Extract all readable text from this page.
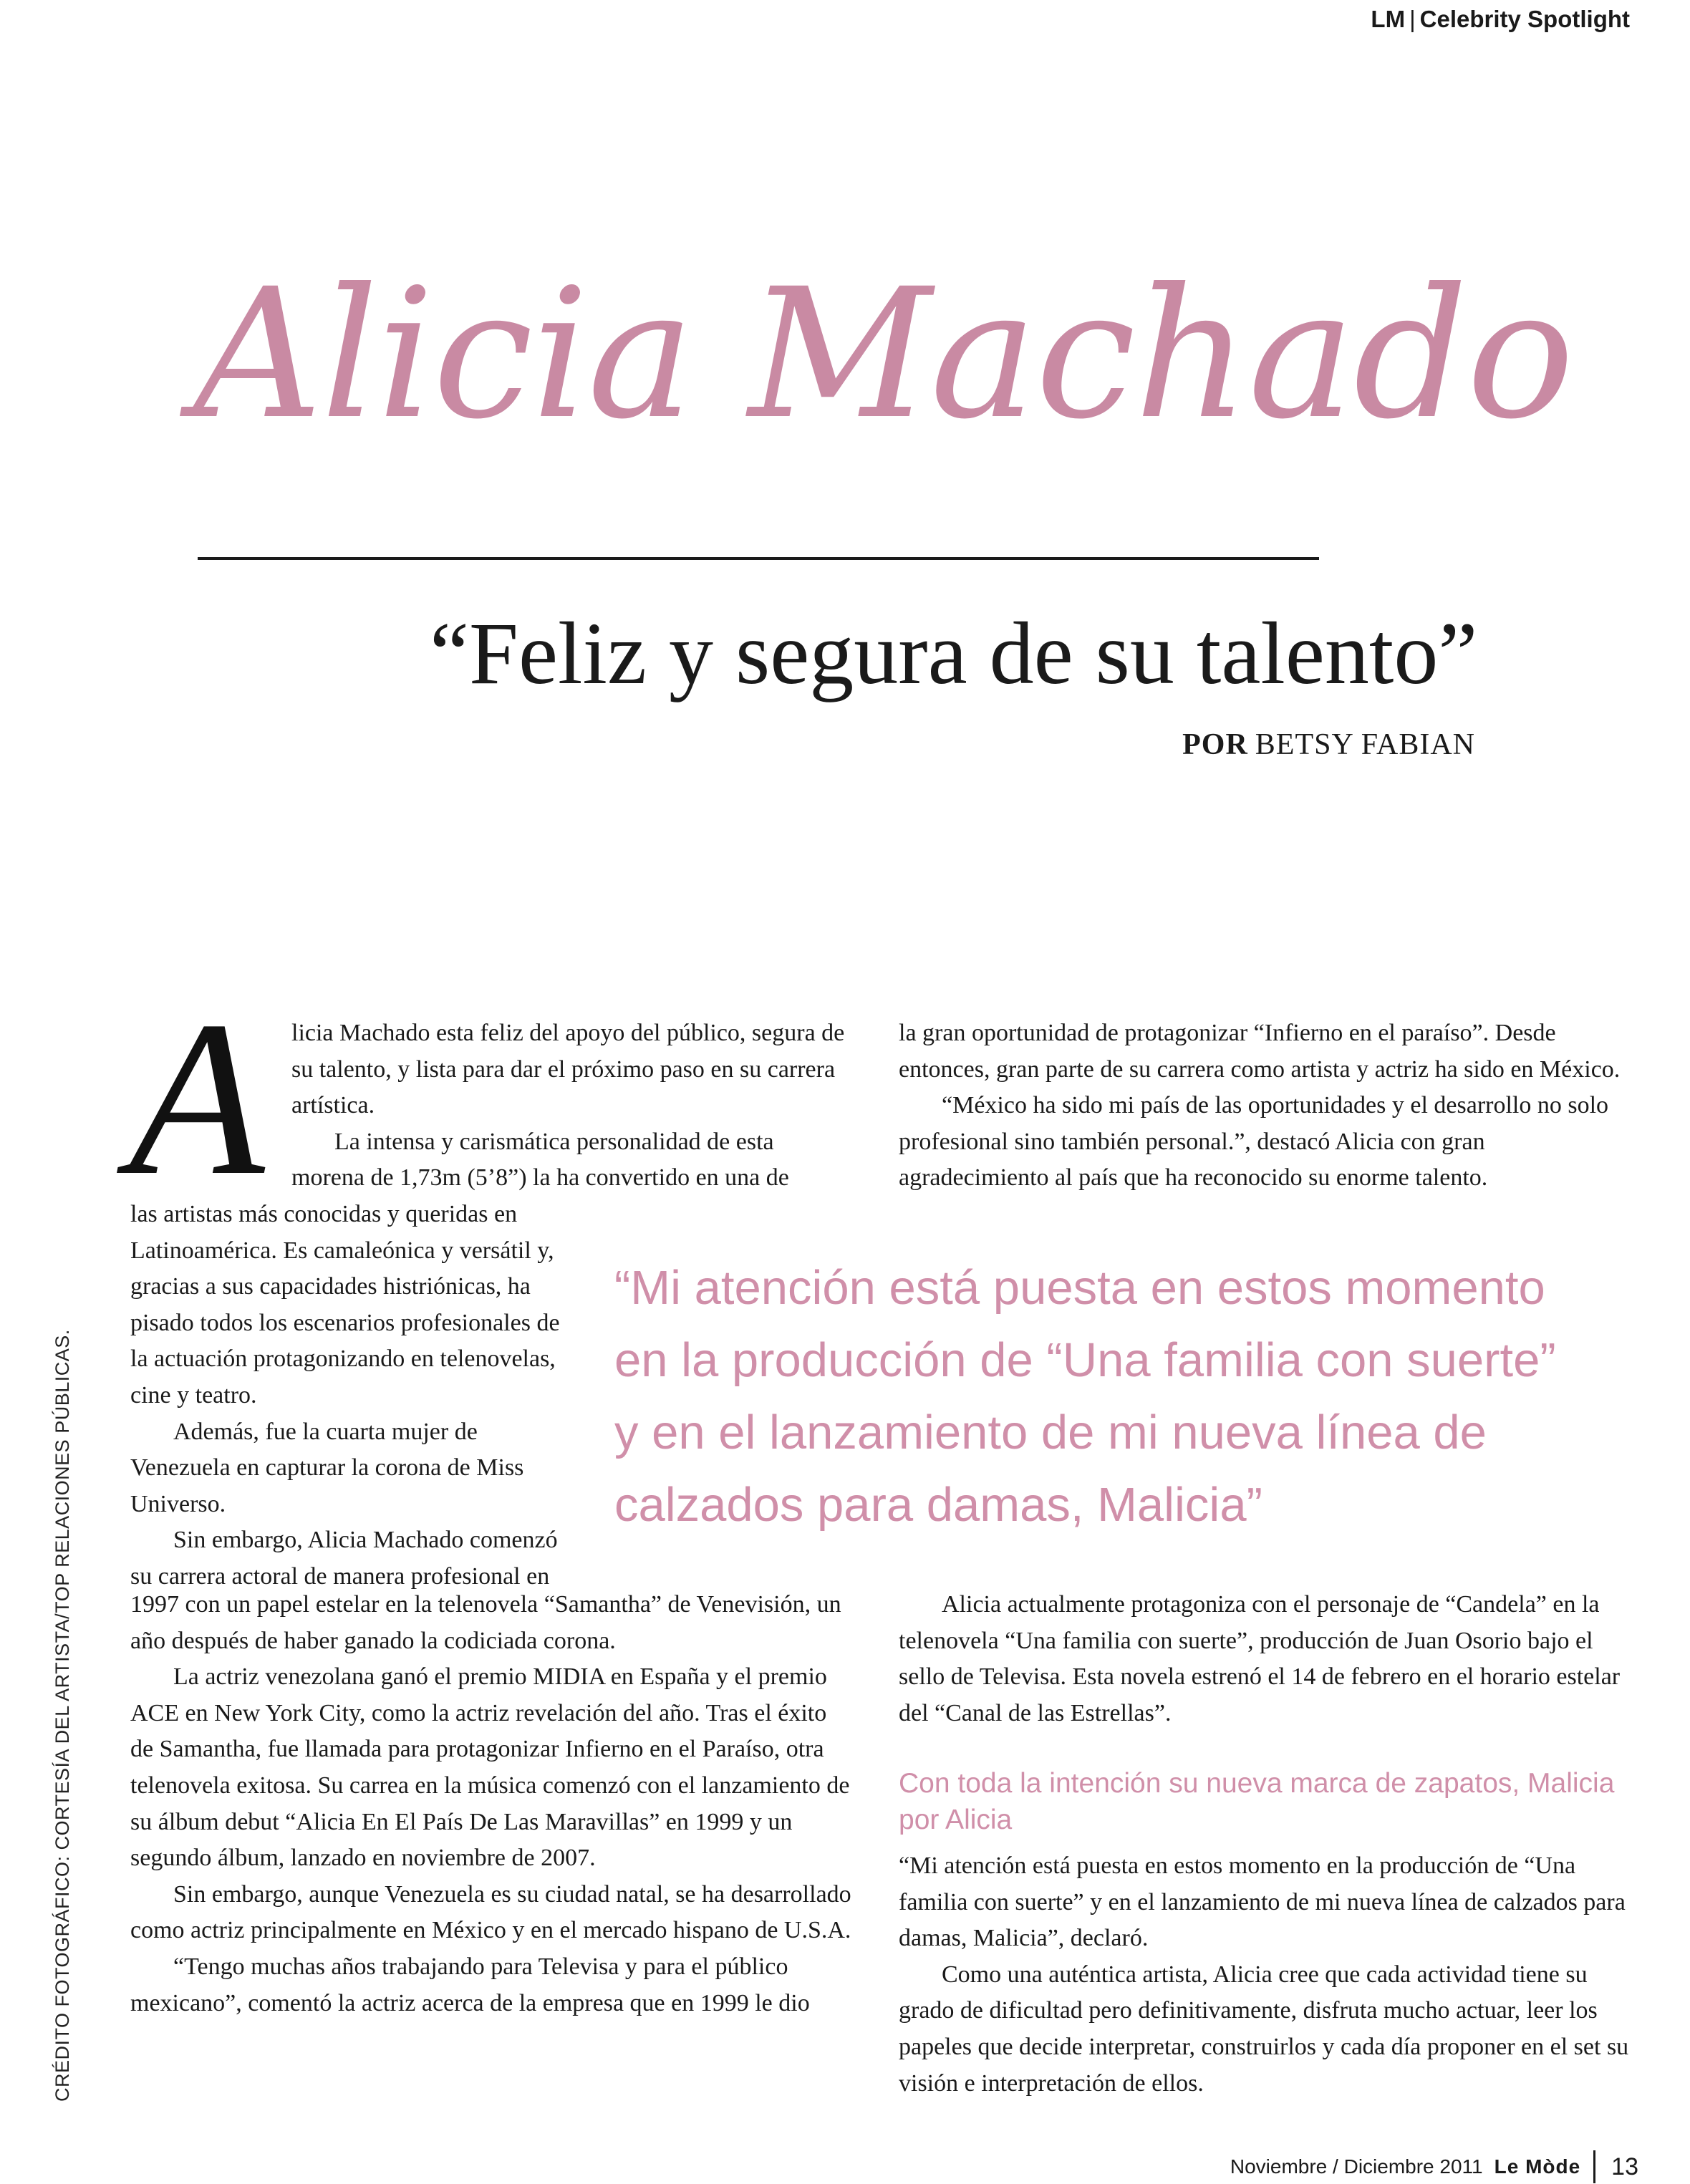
LM | Celebrity Spotlight
Alicia Machado
“Feliz y segura de su talento”
POR BETSY FABIAN
CRÉDITO FOTOGRÁFICO: CORTESÍA DEL ARTISTA/TOP RELACIONES PÚBLICAS.
A licia Machado esta feliz del apoyo del público, segura de su talento, y lista para dar el próximo paso en su carrera artística.

La intensa y carismática personalidad de esta morena de 1,73m (5’8”) la ha convertido en una de

las artistas más conocidas y queridas en Latinoamérica. Es camaleónica y versátil y, gracias a sus capacidades histriónicas, ha pisado todos los escenarios profesionales de la actuación protagonizando en telenovelas, cine y teatro.

Además, fue la cuarta mujer de Venezuela en capturar la corona de Miss Universo.

Sin embargo, Alicia Machado comenzó su carrera actoral de manera profesional en

1997 con un papel estelar en la telenovela “Samantha” de Venevisión, un año después de haber ganado la codiciada corona.

La actriz venezolana ganó el premio MIDIA en España y el premio ACE en New York City, como la actriz revelación del año. Tras el éxito de Samantha, fue llamada para protagonizar Infierno en el Paraíso, otra telenovela exitosa. Su carrea en la música comenzó con el lanzamiento de su álbum debut “Alicia En El País De Las Maravillas” en 1999 y un segundo álbum, lanzado en noviembre de 2007.

Sin embargo, aunque Venezuela es su ciudad natal, se ha desarrollado como actriz principalmente en México y en el mercado hispano de U.S.A.

“Tengo muchas años trabajando para Televisa y para el público mexicano”, comentó la actriz acerca de la empresa que en 1999 le dio

la gran oportunidad de protagonizar “Infierno en el paraíso”. Desde entonces, gran parte de su carrera como artista y actriz ha sido en México.

“México ha sido mi país de las oportunidades y el desarrollo no solo profesional sino también personal.”, destacó Alicia con gran agradecimiento al país que ha reconocido su enorme talento.

“Mi atención está puesta en estos momento
en la producción de “Una familia con suerte”
y en el lanzamiento de mi nueva línea de
calzados para damas, Malicia”

Alicia actualmente protagoniza con el personaje de “Candela” en la telenovela “Una familia con suerte”, producción de Juan Osorio bajo el sello de Televisa. Esta novela estrenó el 14 de febrero en el horario estelar del “Canal de las Estrellas”.

Con toda la intención su nueva marca de zapatos, Malicia por Alicia

“Mi atención está puesta en estos momento en la producción de “Una familia con suerte” y en el lanzamiento de mi nueva línea de calzados para damas, Malicia”, declaró.

Como una auténtica artista, Alicia cree que cada actividad tiene su grado de dificultad pero definitivamente, disfruta mucho actuar, leer los papeles que decide interpretar, construirlos y cada día proponer en el set su visión e interpretación de ellos.

Noviembre / Diciembre 2011 Le Mòde 13
